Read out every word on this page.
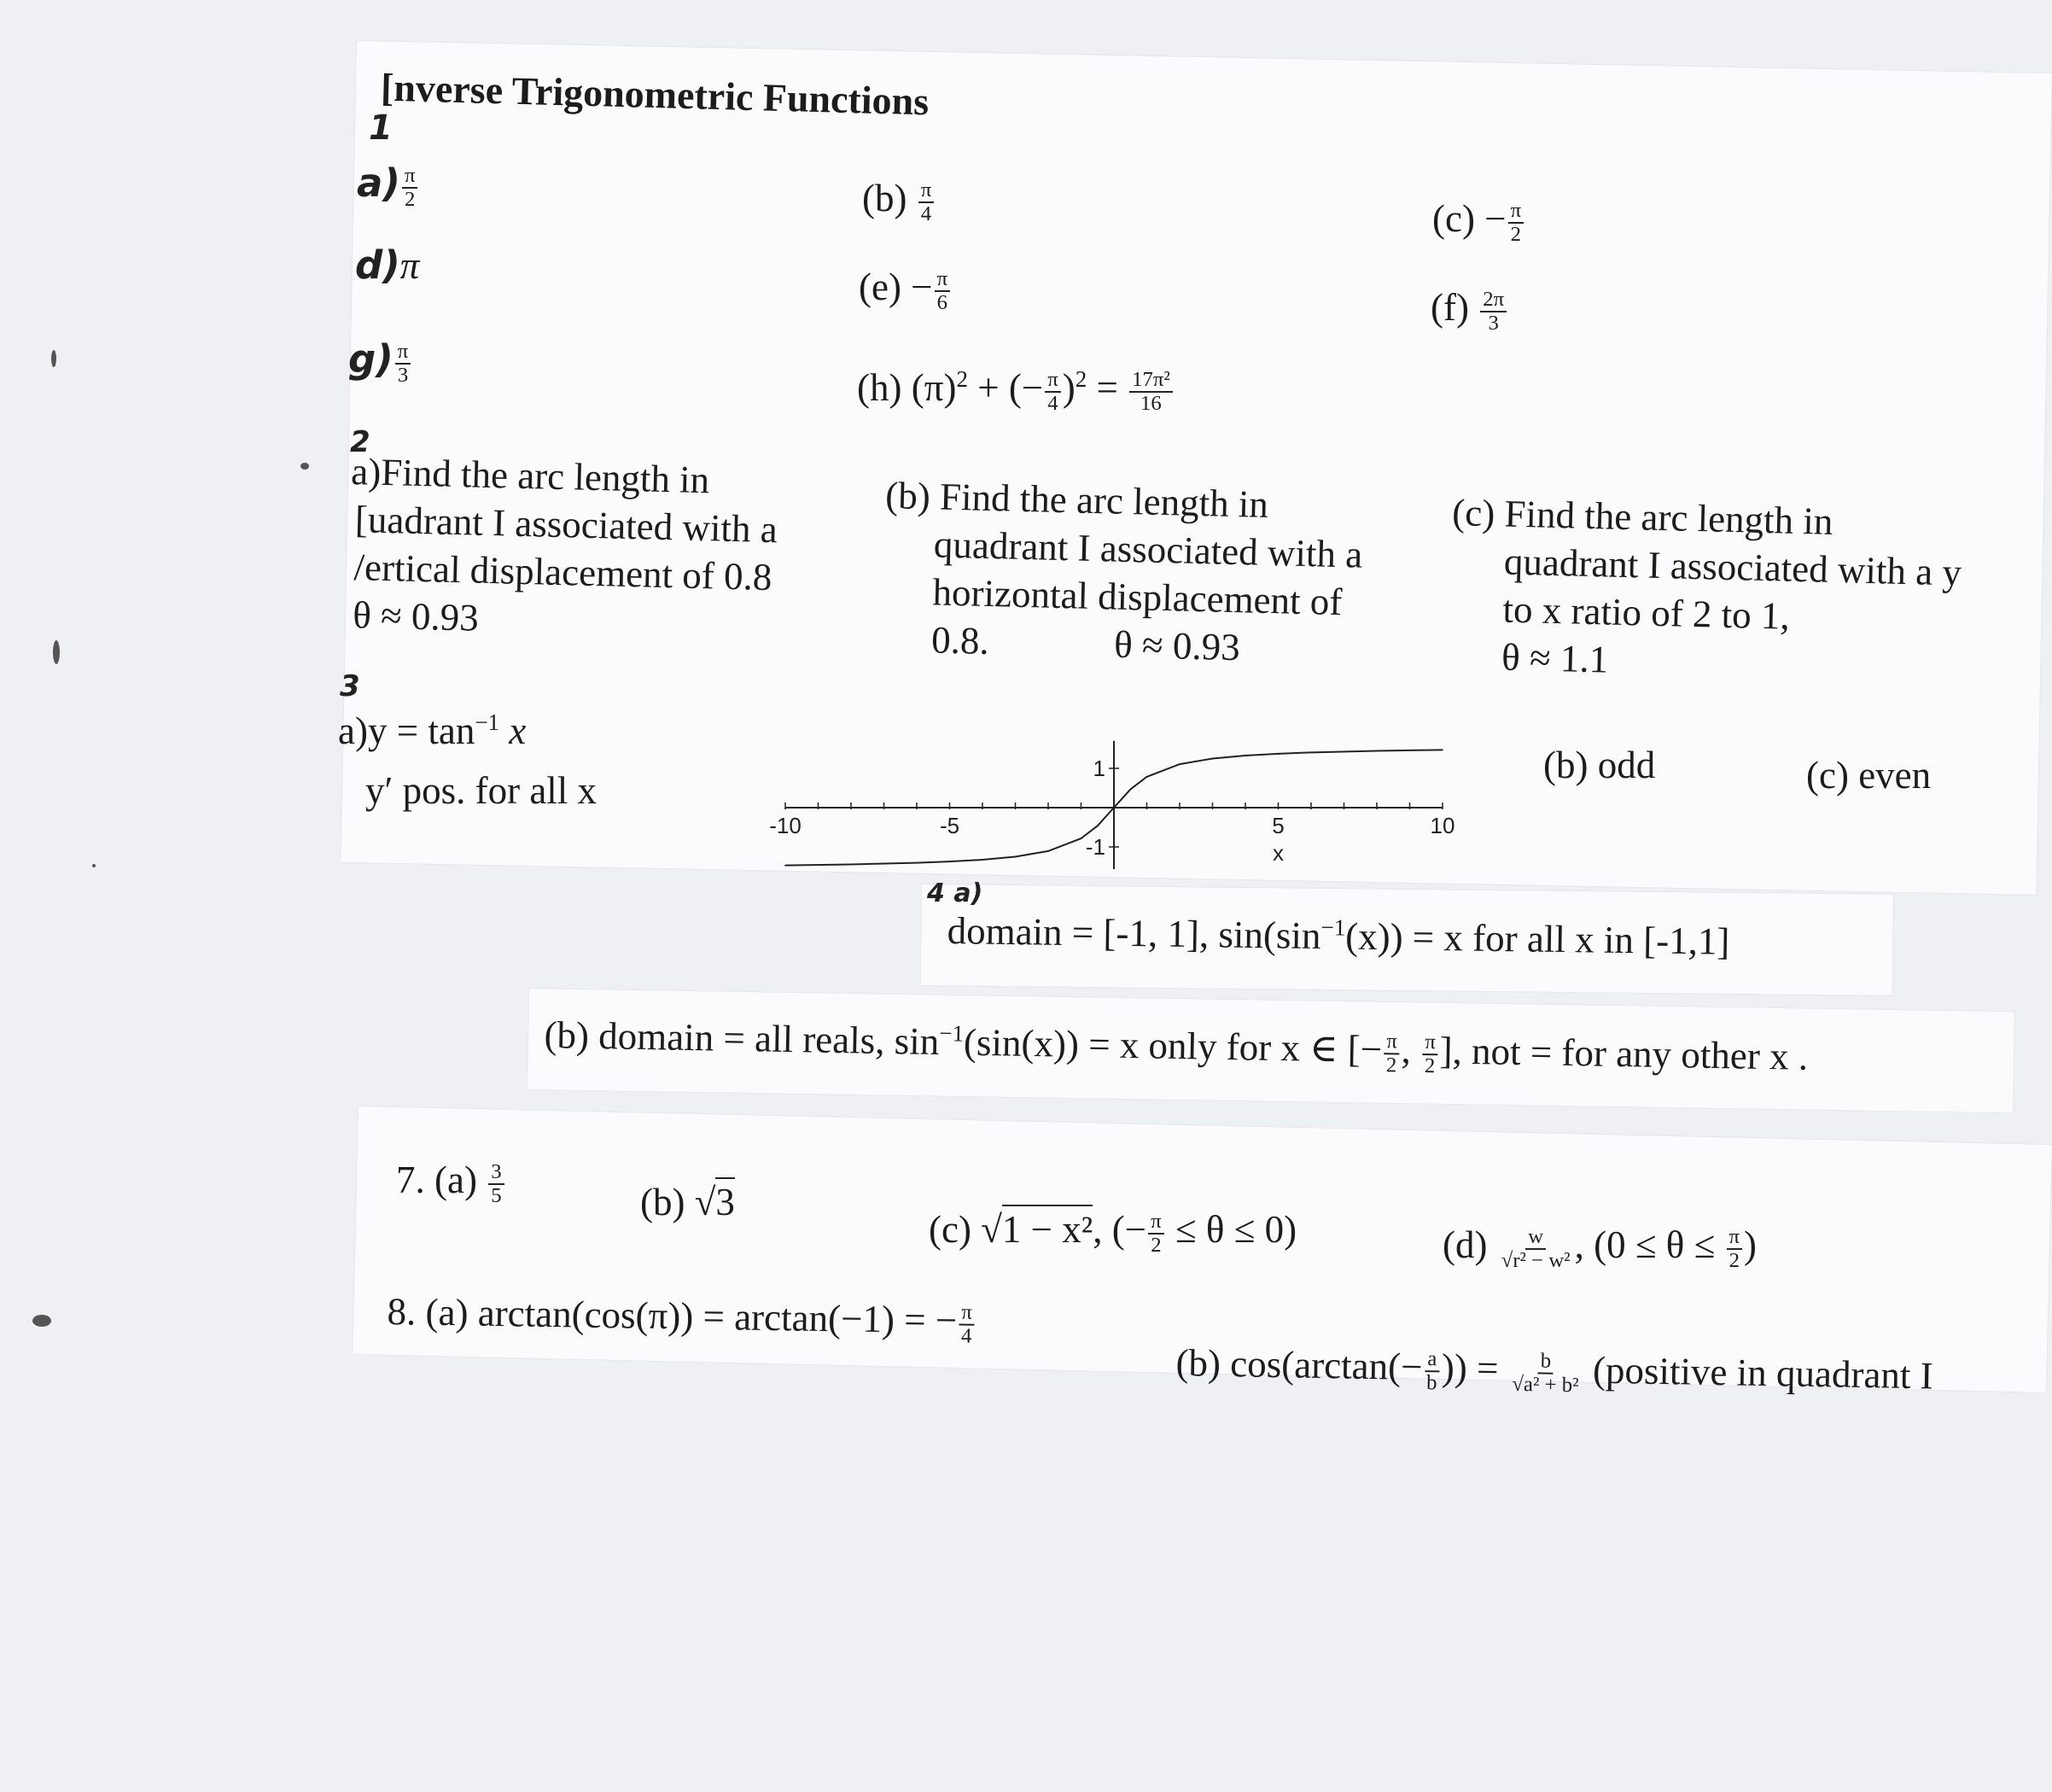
[nverse Trigonometric Functions
1
2
3
4 a)
$a) \frac{\pi}{2}$	$(b) \frac{\pi}{4}$	$(c) - \frac{\pi}{2}$
d)π	$(e) - \frac{\pi}{6}$	$(f) \frac{2\pi}{3}$
$g) \frac{\pi}{3}$
(h) $(\pi)^2$ + (− $\frac{\pi}{4} )^2 = \frac{\text{17π²}}{16}$
a)Find the arc length in
[uadrant I associated with a
/ertical displacement of 0.8
θ ≈ 0.93
(b) Find the arc length in
quadrant I associated with a
horizontal displacement of
0.8.	θ ≈ 0.93
(c) Find the arc length in
quadrant I associated with a y
to x ratio of 2 to 1,
θ ≈ 1.1
$a)y = \tan^{-1} x$
y′ pos. for all x
-10	-5	5	10
1
-1	x
(b) odd	(c) even
domain = [-1, 1], $\sin(\sin^{-1}(x)) = x$ for all x in [-1,1]
(b) domain = all reals, $\sin^{-1}(\sin(x)) = x$ only for x ∈ [− $\frac{\pi}{2}$ , $\frac{\pi}{2}$ ], not = for any other x .
7. $(a) \frac{3}{5}$	(b) √3
(c) √1 − x², (− $\frac{\pi}{2} \le \theta \le 0$)	$(d) \frac{w}{\text{√r² − w²}}$ , ($0 \le \theta \le \frac{\pi}{2}$ )
8. (a) arctan(cos(π)) = arctan(−1) = − $\frac{\pi}{4}$
(b) $\cos(\arctan(- \frac{a}{b}$ )) = $\frac{b}{\text{√a² + b²}}$ (positive in quadrant I
